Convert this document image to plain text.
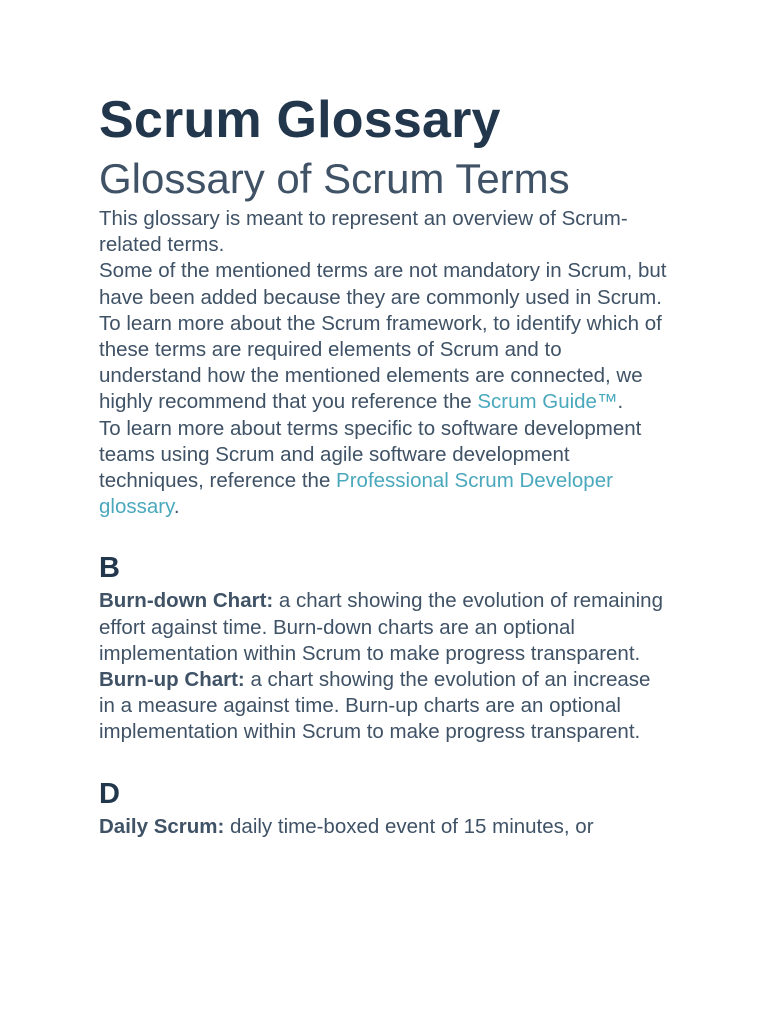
Scrum Glossary
Glossary of Scrum Terms

This glossary is meant to represent an overview of Scrum-related terms.

Some of the mentioned terms are not mandatory in Scrum, but have been added because they are commonly used in Scrum.

To learn more about the Scrum framework, to identify which of these terms are required elements of Scrum and to understand how the mentioned elements are connected, we highly recommend that you reference the Scrum Guide™.

To learn more about terms specific to software development teams using Scrum and agile software development techniques, reference the Professional Scrum Developer glossary.

B

Burn-down Chart: a chart showing the evolution of remaining effort against time. Burn-down charts are an optional implementation within Scrum to make progress transparent.

Burn-up Chart: a chart showing the evolution of an increase in a measure against time. Burn-up charts are an optional implementation within Scrum to make progress transparent.

D

Daily Scrum: daily time-boxed event of 15 minutes, or
